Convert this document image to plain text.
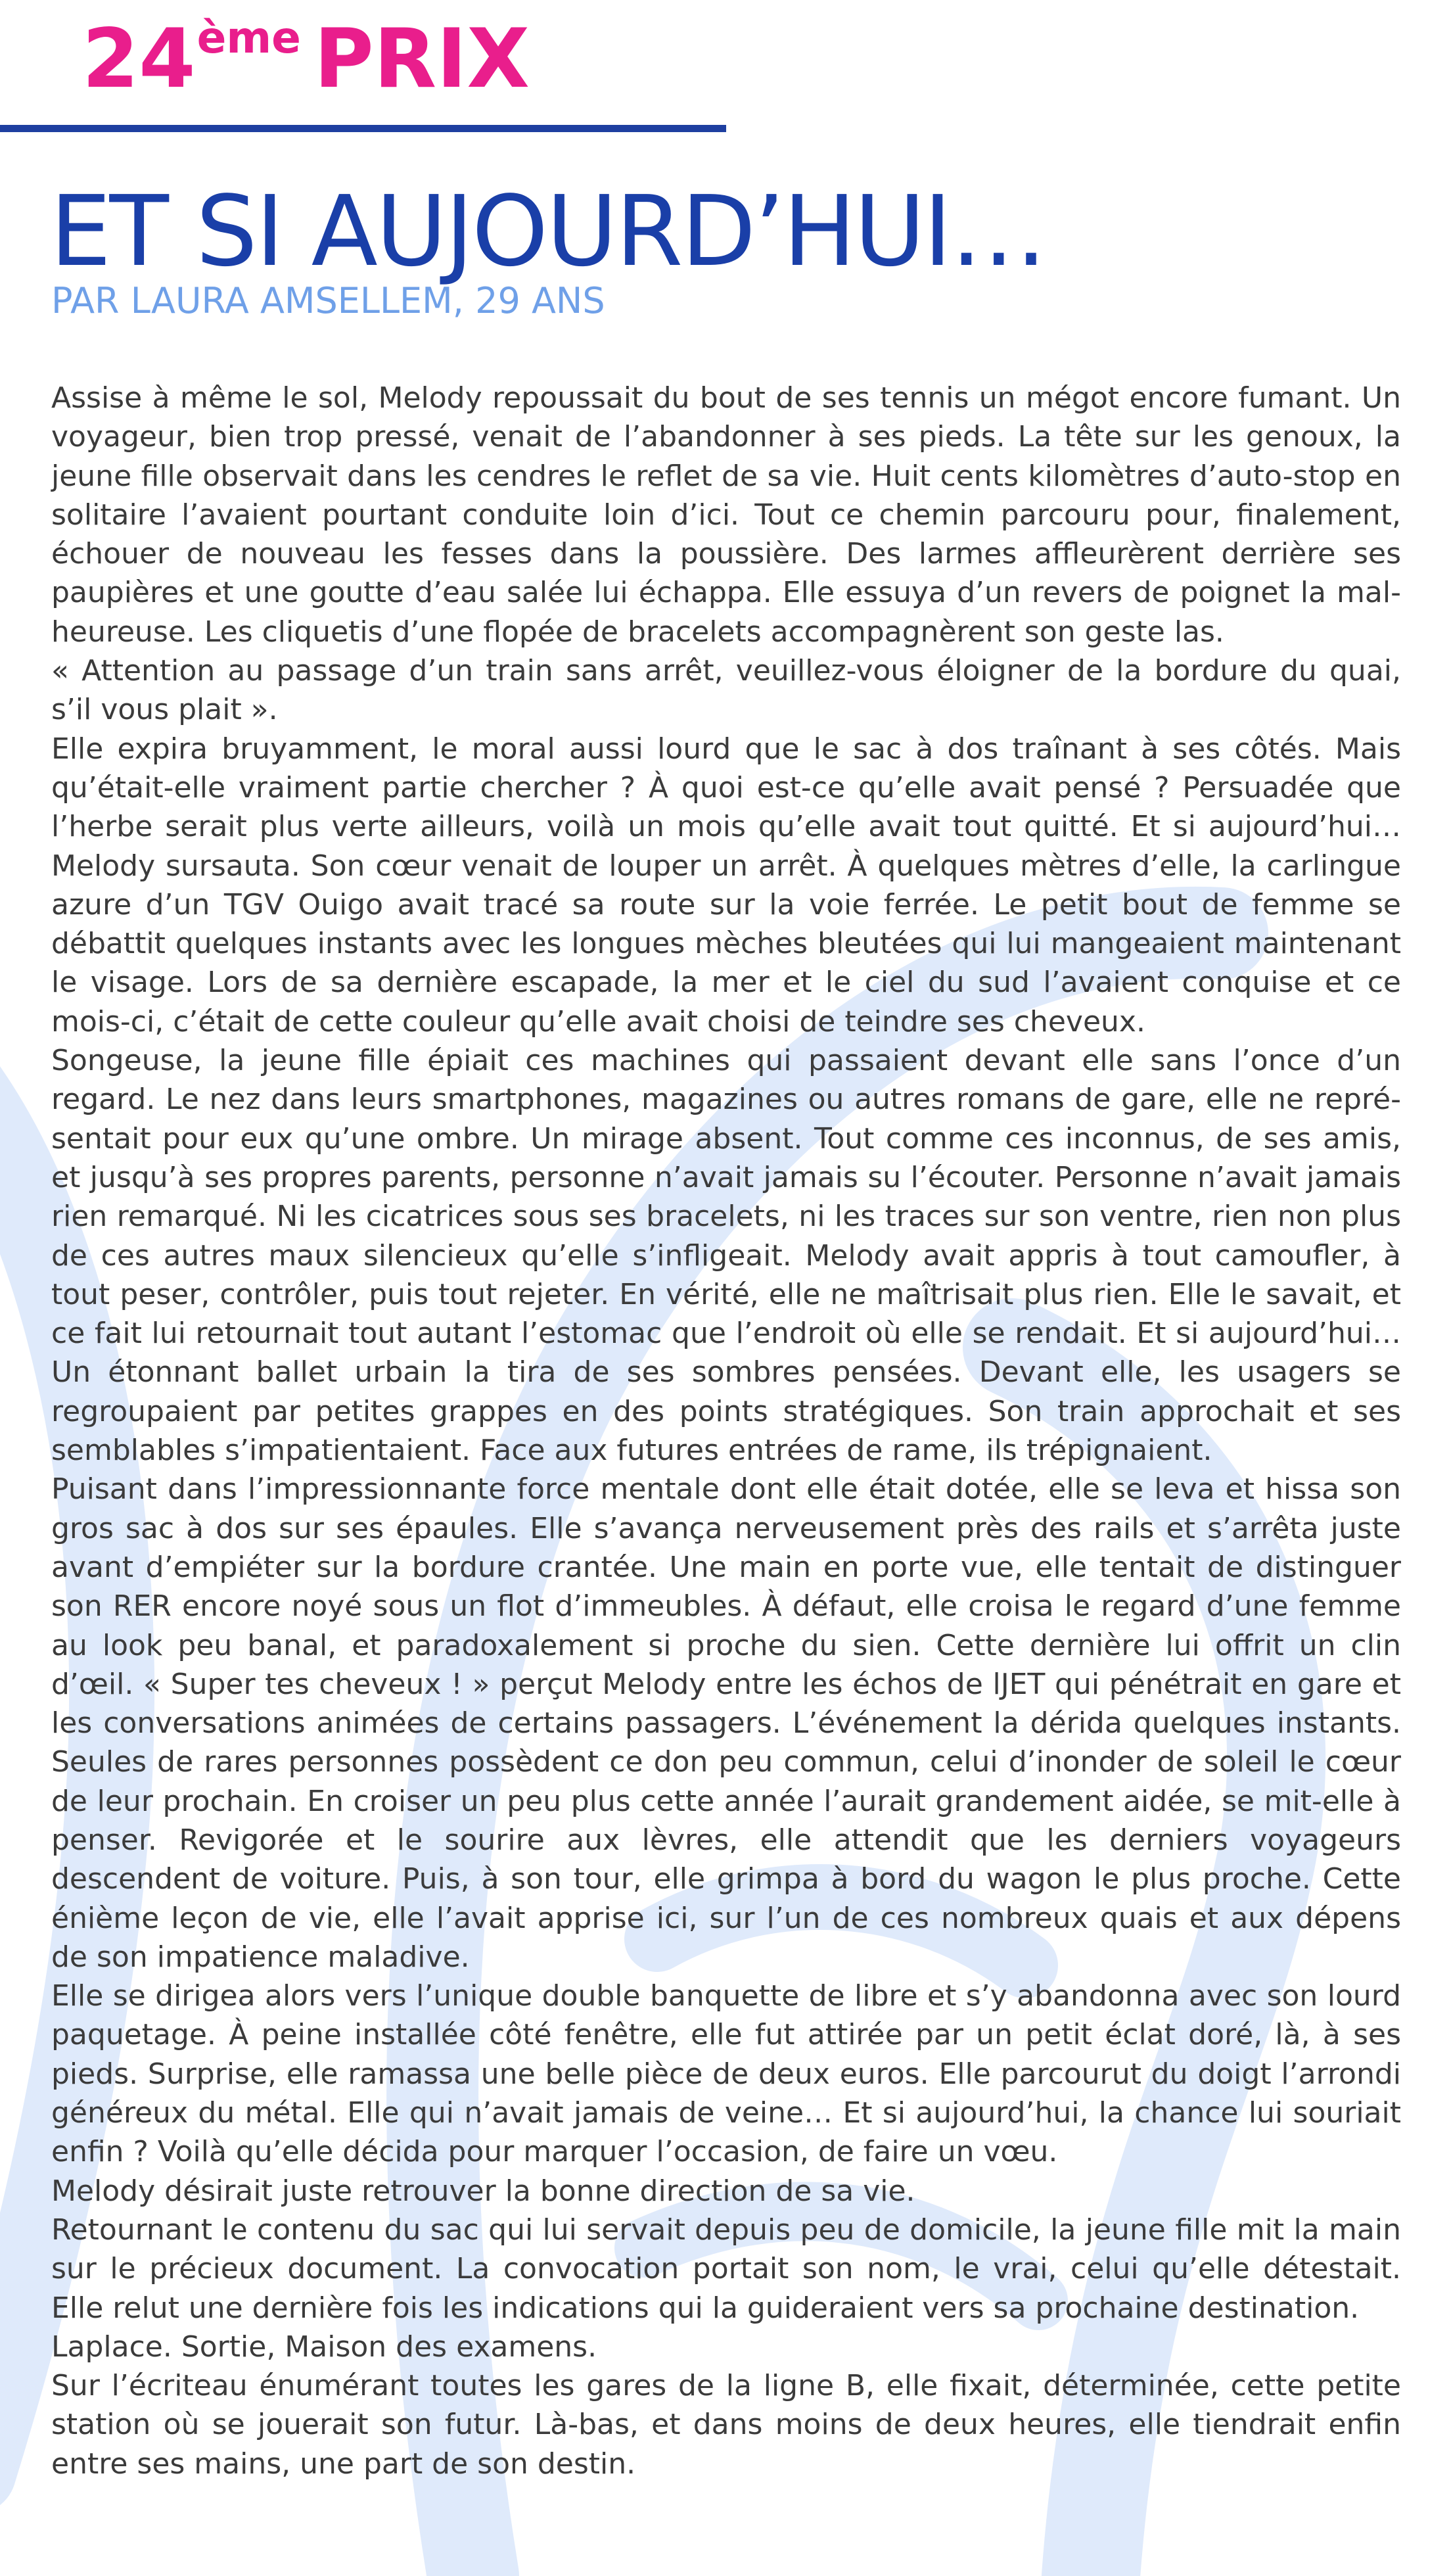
24ème PRIX
ET SI AUJOURD’HUI…
PAR LAURA AMSELLEM, 29 ANS

Assise à même le sol, Melody repoussait du bout de ses tennis un mégot encore fumant. Un voyageur, bien trop pressé, venait de l’abandonner à ses pieds. La tête sur les genoux, la jeune fille observait dans les cendres le reflet de sa vie. Huit cents kilomètres d’auto-stop en solitaire l’avaient pourtant conduite loin d’ici. Tout ce chemin parcouru pour, finalement, échouer de nouveau les fesses dans la poussière. Des larmes affleurèrent derrière ses paupières et une goutte d’eau salée lui échappa. Elle essuya d’un revers de poignet la malheureuse. Les cliquetis d’une flopée de bracelets accompagnèrent son geste las.

« Attention au passage d’un train sans arrêt, veuillez-vous éloigner de la bordure du quai, s’il vous plait ».

Elle expira bruyamment, le moral aussi lourd que le sac à dos traînant à ses côtés. Mais qu’était-elle vraiment partie chercher ? À quoi est-ce qu’elle avait pensé ? Persuadée que l’herbe serait plus verte ailleurs, voilà un mois qu’elle avait tout quitté. Et si aujourd’hui… Melody sursauta. Son cœur venait de louper un arrêt. À quelques mètres d’elle, la carlingue azure d’un TGV Ouigo avait tracé sa route sur la voie ferrée. Le petit bout de femme se débattit quelques instants avec les longues mèches bleutées qui lui mangeaient maintenant le visage. Lors de sa dernière escapade, la mer et le ciel du sud l’avaient conquise et ce mois-ci, c’était de cette couleur qu’elle avait choisi de teindre ses cheveux.

Songeuse, la jeune fille épiait ces machines qui passaient devant elle sans l’once d’un regard. Le nez dans leurs smartphones, magazines ou autres romans de gare, elle ne représentait pour eux qu’une ombre. Un mirage absent. Tout comme ces inconnus, de ses amis, et jusqu’à ses propres parents, personne n’avait jamais su l’écouter. Personne n’avait jamais rien remarqué. Ni les cicatrices sous ses bracelets, ni les traces sur son ventre, rien non plus de ces autres maux silencieux qu’elle s’infligeait. Melody avait appris à tout camoufler, à tout peser, contrôler, puis tout rejeter. En vérité, elle ne maîtrisait plus rien. Elle le savait, et ce fait lui retournait tout autant l’estomac que l’endroit où elle se rendait. Et si aujourd’hui… Un étonnant ballet urbain la tira de ses sombres pensées. Devant elle, les usagers se regroupaient par petites grappes en des points stratégiques. Son train approchait et ses semblables s’impatientaient. Face aux futures entrées de rame, ils trépignaient.

Puisant dans l’impressionnante force mentale dont elle était dotée, elle se leva et hissa son gros sac à dos sur ses épaules. Elle s’avança nerveusement près des rails et s’arrêta juste avant d’empiéter sur la bordure crantée. Une main en porte vue, elle tentait de distinguer son RER encore noyé sous un flot d’immeubles. À défaut, elle croisa le regard d’une femme au look peu banal, et paradoxalement si proche du sien. Cette dernière lui offrit un clin d’œil. « Super tes cheveux ! » perçut Melody entre les échos de lJET qui pénétrait en gare et les conversations animées de certains passagers. L’événement la dérida quelques instants. Seules de rares personnes possèdent ce don peu commun, celui d’inonder de soleil le cœur de leur prochain. En croiser un peu plus cette année l’aurait grandement aidée, se mit-elle à penser. Revigorée et le sourire aux lèvres, elle attendit que les derniers voyageurs descendent de voiture. Puis, à son tour, elle grimpa à bord du wagon le plus proche. Cette énième leçon de vie, elle l’avait apprise ici, sur l’un de ces nombreux quais et aux dépens de son impatience maladive.

Elle se dirigea alors vers l’unique double banquette de libre et s’y abandonna avec son lourd paquetage. À peine installée côté fenêtre, elle fut attirée par un petit éclat doré, là, à ses pieds. Surprise, elle ramassa une belle pièce de deux euros. Elle parcourut du doigt l’arrondi généreux du métal. Elle qui n’avait jamais de veine… Et si aujourd’hui, la chance lui souriait enfin ? Voilà qu’elle décida pour marquer l’occasion, de faire un vœu.

Melody désirait juste retrouver la bonne direction de sa vie.

Retournant le contenu du sac qui lui servait depuis peu de domicile, la jeune fille mit la main sur le précieux document. La convocation portait son nom, le vrai, celui qu’elle détestait. Elle relut une dernière fois les indications qui la guideraient vers sa prochaine destination.

Laplace. Sortie, Maison des examens.

Sur l’écriteau énumérant toutes les gares de la ligne B, elle fixait, déterminée, cette petite station où se jouerait son futur. Là-bas, et dans moins de deux heures, elle tiendrait enfin entre ses mains, une part de son destin.
